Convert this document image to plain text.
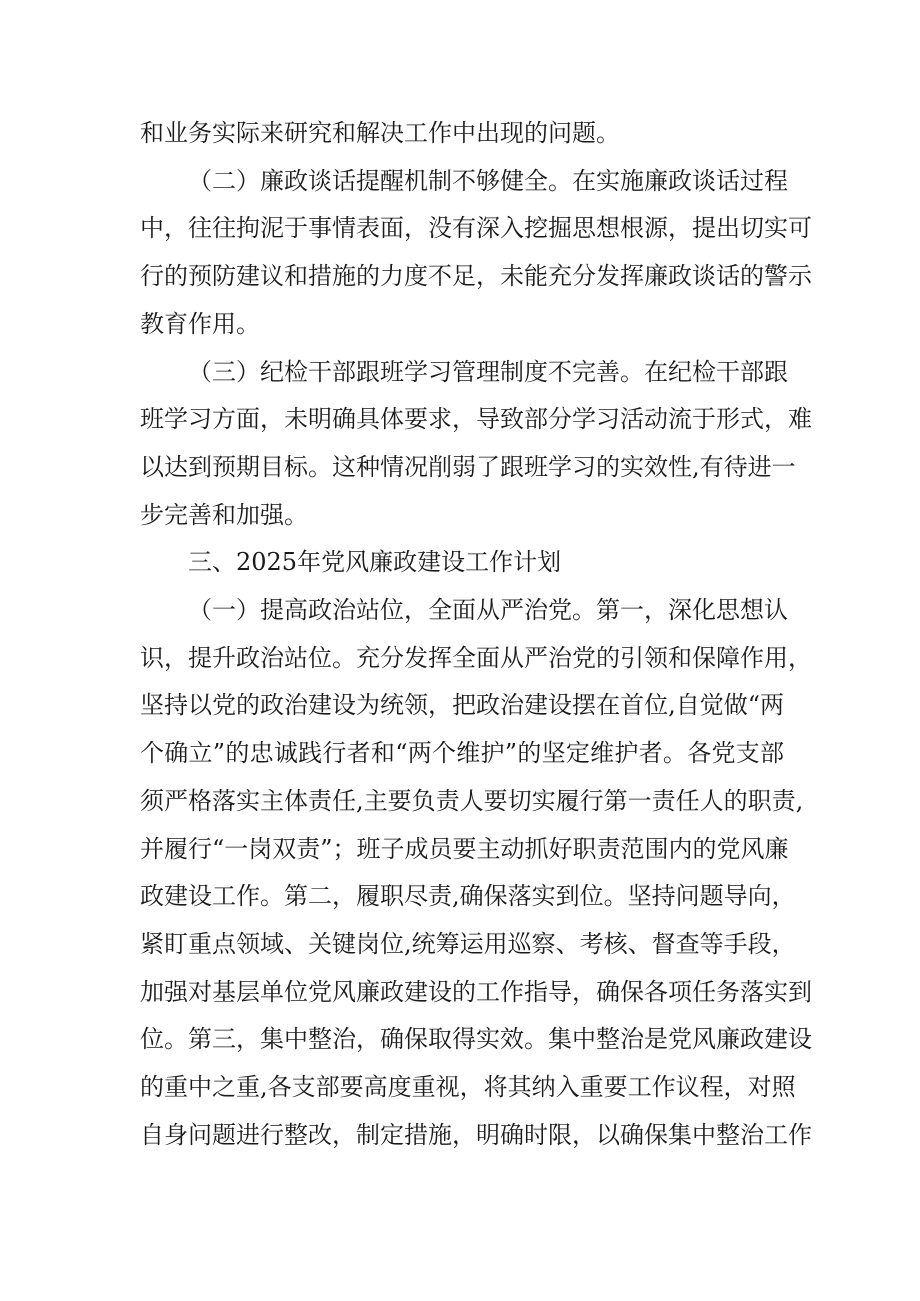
和业务实际来研究和解决工作中出现的问题。
（二）廉政谈话提醒机制不够健全。在实施廉政谈话过程
中，往往拘泥于事情表面，没有深入挖掘思想根源，提出切实可
行的预防建议和措施的力度不足，未能充分发挥廉政谈话的警示
教育作用。
（三）纪检干部跟班学习管理制度不完善。在纪检干部跟
班学习方面，未明确具体要求，导致部分学习活动流于形式，难
以达到预期目标。这种情况削弱了跟班学习的实效性,有待进一
步完善和加强。
三、2025年党风廉政建设工作计划
（一）提高政治站位，全面从严治党。第一，深化思想认
识，提升政治站位。充分发挥全面从严治党的引领和保障作用，
坚持以党的政治建设为统领，把政治建设摆在首位,自觉做“两
个确立”的忠诚践行者和“两个维护”的坚定维护者。各党支部
须严格落实主体责任,主要负责人要切实履行第一责任人的职责,
并履行“一岗双责”；班子成员要主动抓好职责范围内的党风廉
政建设工作。第二，履职尽责,确保落实到位。坚持问题导向，
紧盯重点领域、关键岗位,统筹运用巡察、考核、督查等手段，
加强对基层单位党风廉政建设的工作指导，确保各项任务落实到
位。第三，集中整治，确保取得实效。集中整治是党风廉政建设
的重中之重,各支部要高度重视，将其纳入重要工作议程，对照
自身问题进行整改，制定措施，明确时限，以确保集中整治工作
